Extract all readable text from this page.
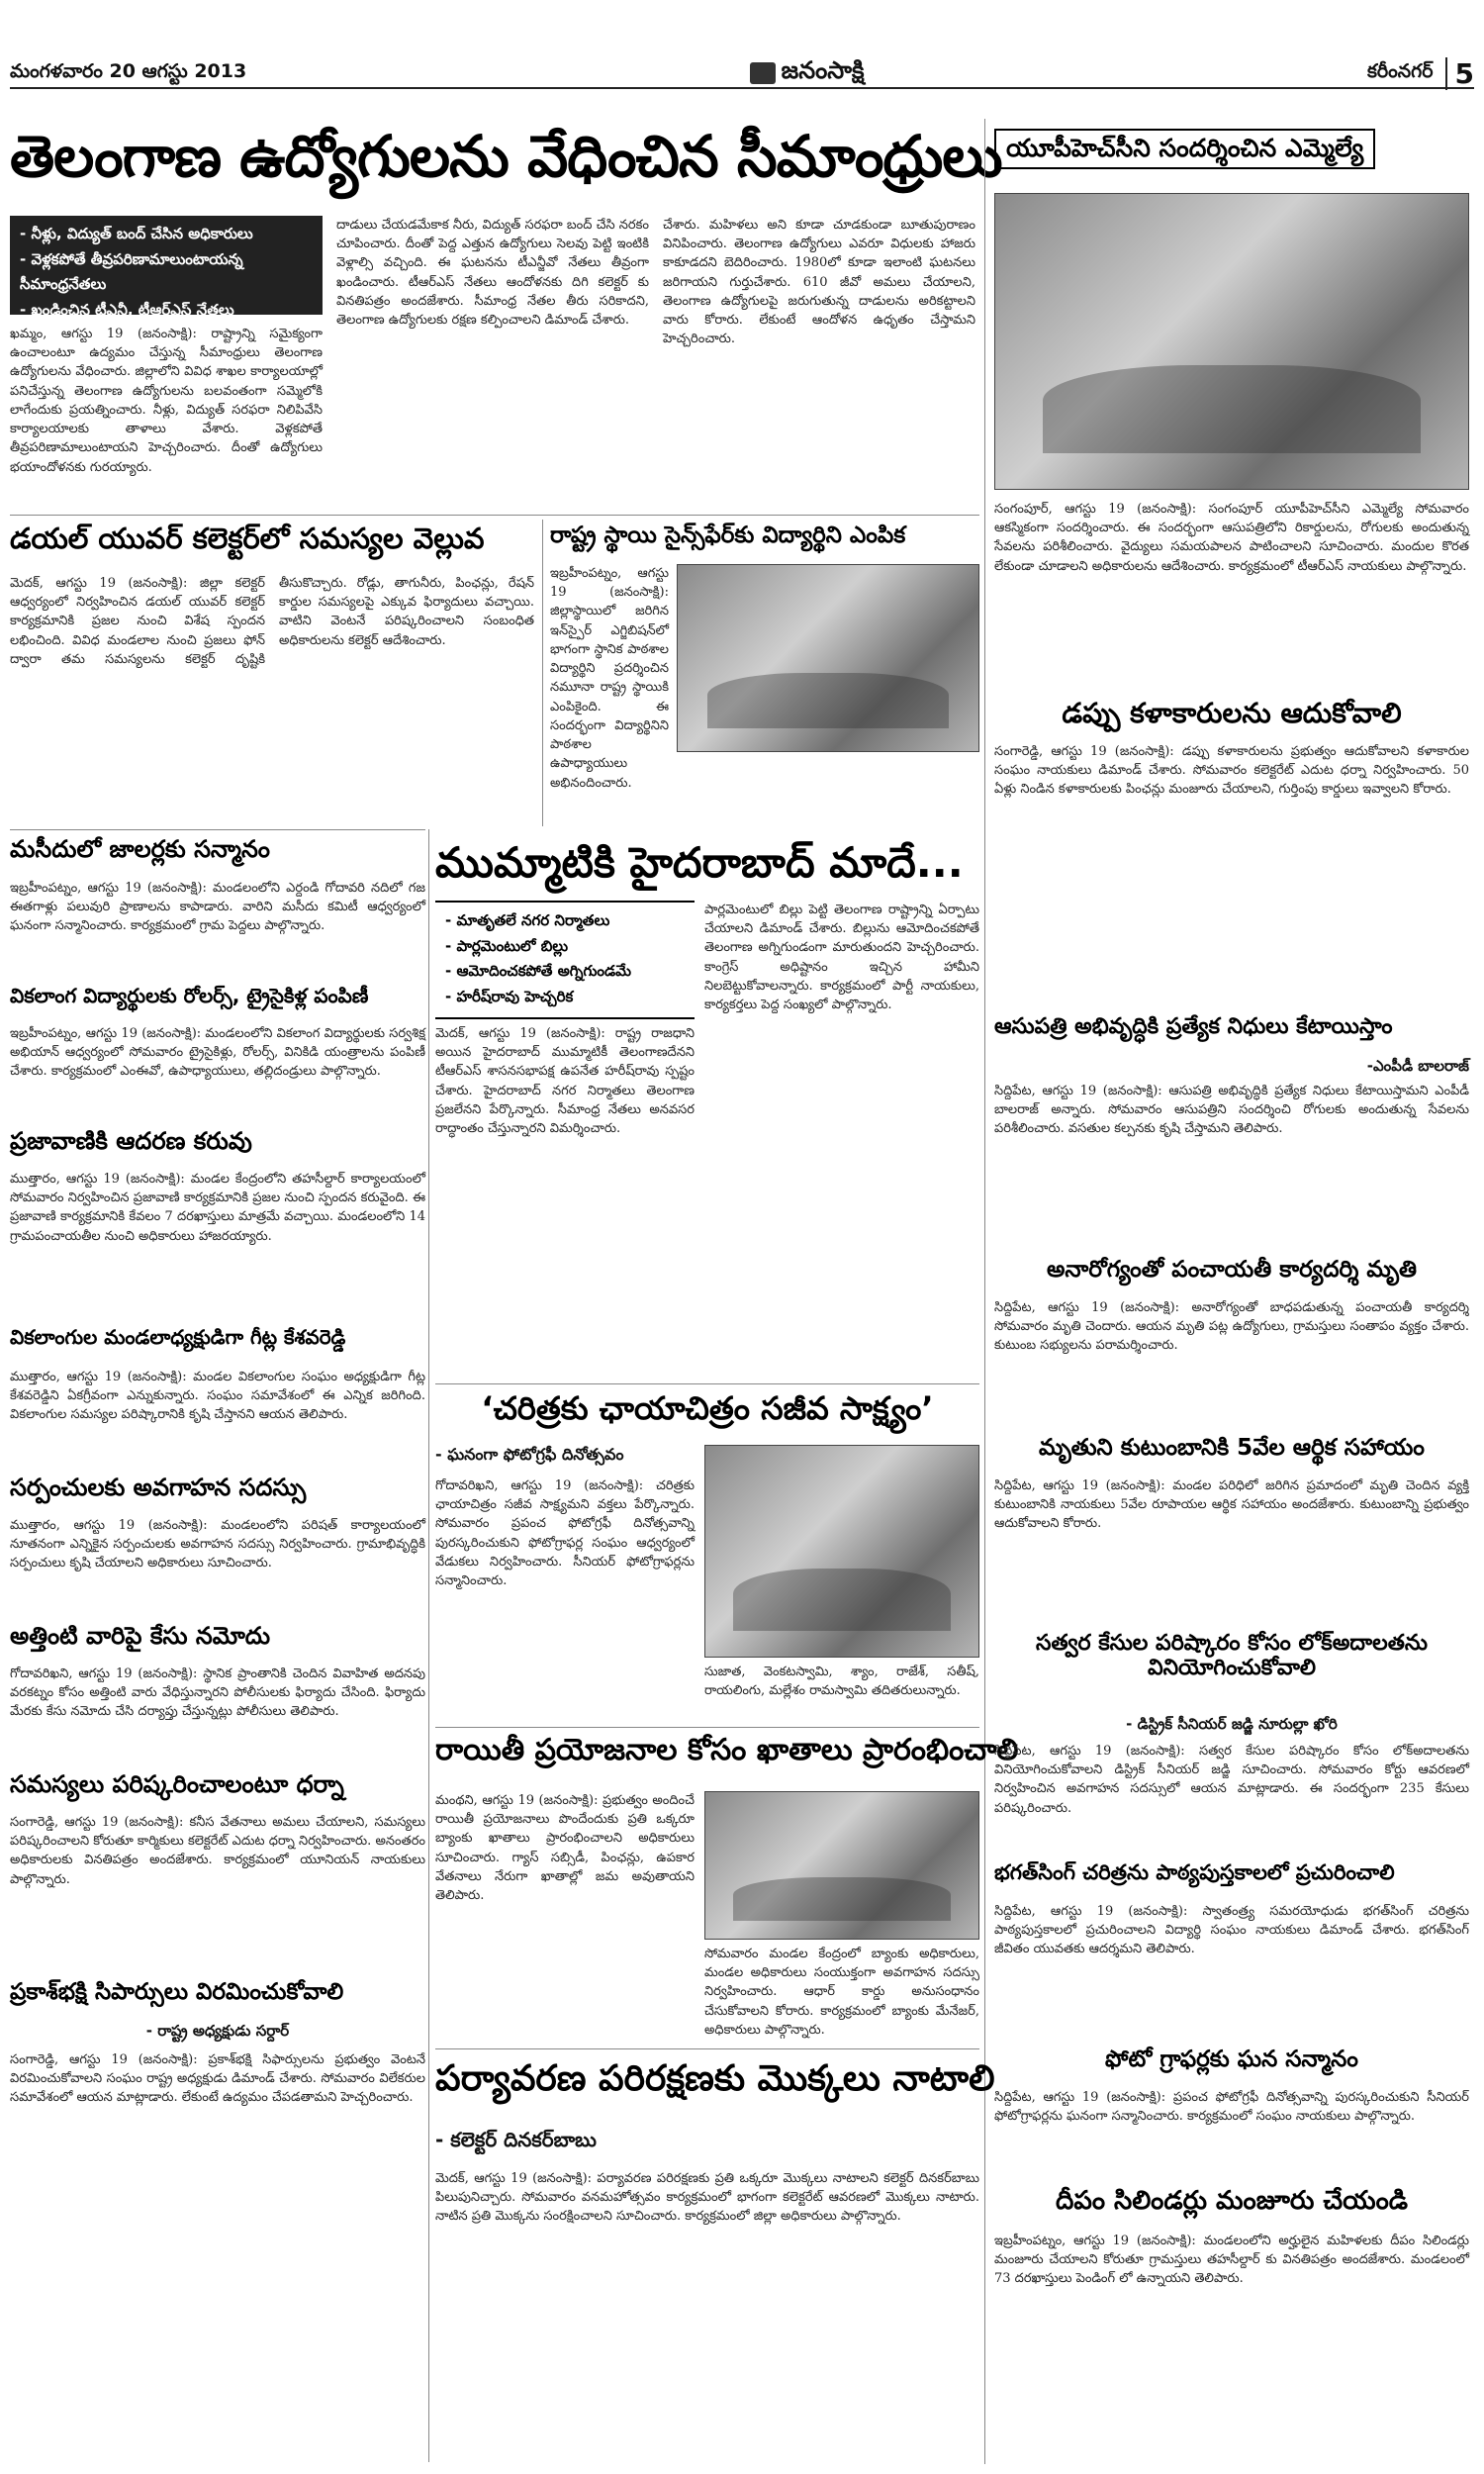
మంగళవారం 20 ఆగస్టు 2013	జనంసాక్షి	కరీంనగర్ 5
తెలంగాణ ఉద్యోగులను వేధించిన సీమాంధ్రులు
- నీళ్లు, విద్యుత్ బంద్ చేసిన అధికారులు
- వెళ్లకపోతే తీవ్రపరిణామాలుంటాయన్న సీమాంధ్రనేతలు
- ఖండించిన టీఎన్జీ, టీఆర్ఎస్ నేతలు
ఖమ్మం, ఆగస్టు 19 (జనంసాక్షి): రాష్ట్రాన్ని సమైక్యంగా ఉంచాలంటూ ఉద్యమం చేస్తున్న సీమాంధ్రులు తెలంగాణ ఉద్యోగులను వేధించారు. జిల్లాలోని వివిధ శాఖల కార్యాలయాల్లో పనిచేస్తున్న తెలంగాణ ఉద్యోగులను బలవంతంగా సమ్మెలోకి లాగేందుకు ప్రయత్నించారు. నీళ్లు, విద్యుత్ సరఫరా నిలిపివేసి కార్యాలయాలకు తాళాలు వేశారు. వెళ్లకపోతే తీవ్రపరిణామాలుంటాయని హెచ్చరించారు. దీంతో ఉద్యోగులు భయాందోళనకు గురయ్యారు.
దాడులు చేయడమేకాక నీరు, విద్యుత్ సరఫరా బంద్ చేసి నరకం చూపించారు. దీంతో పెద్ద ఎత్తున ఉద్యోగులు సెలవు పెట్టి ఇంటికి వెళ్లాల్సి వచ్చింది. ఈ ఘటనను టీఎన్జీవో నేతలు తీవ్రంగా ఖండించారు. టీఆర్ఎస్ నేతలు ఆందోళనకు దిగి కలెక్టర్ కు వినతిపత్రం అందజేశారు. సీమాంధ్ర నేతల తీరు సరికాదని, తెలంగాణ ఉద్యోగులకు రక్షణ కల్పించాలని డిమాండ్ చేశారు.
చేశారు. మహిళలు అని కూడా చూడకుండా బూతుపురాణం వినిపించారు. తెలంగాణ ఉద్యోగులు ఎవరూ విధులకు హాజరు కాకూడదని బెదిరించారు. 1980లో కూడా ఇలాంటి ఘటనలు జరిగాయని గుర్తుచేశారు. 610 జీవో అమలు చేయాలని, తెలంగాణ ఉద్యోగులపై జరుగుతున్న దాడులను అరికట్టాలని వారు కోరారు. లేకుంటే ఆందోళన ఉధృతం చేస్తామని హెచ్చరించారు.
యూపీహెచ్‌సీని సందర్శించిన ఎమ్మెల్యే
సంగంపూర్, ఆగస్టు 19 (జనంసాక్షి): సంగంపూర్ యూపీహెచ్‌సీని ఎమ్మెల్యే సోమవారం ఆకస్మికంగా సందర్శించారు. ఈ సందర్భంగా ఆసుపత్రిలోని రికార్డులను, రోగులకు అందుతున్న సేవలను పరిశీలించారు. వైద్యులు సమయపాలన పాటించాలని సూచించారు. మందుల కొరత లేకుండా చూడాలని అధికారులను ఆదేశించారు. కార్యక్రమంలో టీఆర్ఎస్ నాయకులు పాల్గొన్నారు.
డయల్ యువర్ కలెక్టర్‌లో సమస్యల వెల్లువ
మెదక్, ఆగస్టు 19 (జనంసాక్షి): జిల్లా కలెక్టర్ ఆధ్వర్యంలో నిర్వహించిన డయల్ యువర్ కలెక్టర్ కార్యక్రమానికి ప్రజల నుంచి విశేష స్పందన లభించింది. వివిధ మండలాల నుంచి ప్రజలు ఫోన్ ద్వారా తమ సమస్యలను కలెక్టర్ దృష్టికి తీసుకొచ్చారు. రోడ్లు, తాగునీరు, పింఛన్లు, రేషన్ కార్డుల సమస్యలపై ఎక్కువ ఫిర్యాదులు వచ్చాయి. వాటిని వెంటనే పరిష్కరించాలని సంబంధిత అధికారులను కలెక్టర్ ఆదేశించారు.
రాష్ట్ర స్థాయి సైన్స్‌ఫేర్‌కు విద్యార్థిని ఎంపిక
ఇబ్రహీంపట్నం, ఆగస్టు 19 (జనంసాక్షి): జిల్లాస్థాయిలో జరిగిన ఇన్‌స్పైర్ ఎగ్జిబిషన్‌లో భాగంగా స్థానిక పాఠశాల విద్యార్థిని ప్రదర్శించిన నమూనా రాష్ట్ర స్థాయికి ఎంపికైంది. ఈ సందర్భంగా విద్యార్థినిని పాఠశాల ఉపాధ్యాయులు అభినందించారు.
మసీదులో జాలర్లకు సన్మానం
ఇబ్రహీంపట్నం, ఆగస్టు 19 (జనంసాక్షి): మండలంలోని ఎర్దండి గోదావరి నదిలో గజ ఈతగాళ్లు పలువురి ప్రాణాలను కాపాడారు. వారిని మసీదు కమిటీ ఆధ్వర్యంలో ఘనంగా సన్మానించారు. కార్యక్రమంలో గ్రామ పెద్దలు పాల్గొన్నారు.
వికలాంగ విద్యార్థులకు రోలర్స్, ట్రైసైకిళ్ల పంపిణీ
ఇబ్రహీంపట్నం, ఆగస్టు 19 (జనంసాక్షి): మండలంలోని వికలాంగ విద్యార్థులకు సర్వశిక్ష అభియాన్ ఆధ్వర్యంలో సోమవారం ట్రైసైకిళ్లు, రోలర్స్, వినికిడి యంత్రాలను పంపిణీ చేశారు. కార్యక్రమంలో ఎంఈవో, ఉపాధ్యాయులు, తల్లిదండ్రులు పాల్గొన్నారు.
ప్రజావాణికి ఆదరణ కరువు
ముత్తారం, ఆగస్టు 19 (జనంసాక్షి): మండల కేంద్రంలోని తహసీల్దార్ కార్యాలయంలో సోమవారం నిర్వహించిన ప్రజావాణి కార్యక్రమానికి ప్రజల నుంచి స్పందన కరువైంది. ఈ ప్రజావాణి కార్యక్రమానికి కేవలం 7 దరఖాస్తులు మాత్రమే వచ్చాయి. మండలంలోని 14 గ్రామపంచాయతీల నుంచి అధికారులు హాజరయ్యారు.
వికలాంగుల మండలాధ్యక్షుడిగా గీట్ల కేశవరెడ్డి
ముత్తారం, ఆగస్టు 19 (జనంసాక్షి): మండల వికలాంగుల సంఘం అధ్యక్షుడిగా గీట్ల కేశవరెడ్డిని ఏకగ్రీవంగా ఎన్నుకున్నారు. సంఘం సమావేశంలో ఈ ఎన్నిక జరిగింది. వికలాంగుల సమస్యల పరిష్కారానికి కృషి చేస్తానని ఆయన తెలిపారు.
సర్పంచులకు అవగాహన సదస్సు
ముత్తారం, ఆగస్టు 19 (జనంసాక్షి): మండలంలోని పరిషత్ కార్యాలయంలో నూతనంగా ఎన్నికైన సర్పంచులకు అవగాహన సదస్సు నిర్వహించారు. గ్రామాభివృద్ధికి సర్పంచులు కృషి చేయాలని అధికారులు సూచించారు.
అత్తింటి వారిపై కేసు నమోదు
గోదావరిఖని, ఆగస్టు 19 (జనంసాక్షి): స్థానిక ప్రాంతానికి చెందిన వివాహిత అదనపు వరకట్నం కోసం అత్తింటి వారు వేధిస్తున్నారని పోలీసులకు ఫిర్యాదు చేసింది. ఫిర్యాదు మేరకు కేసు నమోదు చేసి దర్యాప్తు చేస్తున్నట్లు పోలీసులు తెలిపారు.
సమస్యలు పరిష్కరించాలంటూ ధర్నా
సంగారెడ్డి, ఆగస్టు 19 (జనంసాక్షి): కనీస వేతనాలు అమలు చేయాలని, సమస్యలు పరిష్కరించాలని కోరుతూ కార్మికులు కలెక్టరేట్ ఎదుట ధర్నా నిర్వహించారు. అనంతరం అధికారులకు వినతిపత్రం అందజేశారు. కార్యక్రమంలో యూనియన్ నాయకులు పాల్గొన్నారు.
ప్రకాశ్‌భక్షి సిపార్సులు విరమించుకోవాలి
- రాష్ట్ర అధ్యక్షుడు సర్దార్
సంగారెడ్డి, ఆగస్టు 19 (జనంసాక్షి): ప్రకాశ్‌భక్షి సిఫార్సులను ప్రభుత్వం వెంటనే విరమించుకోవాలని సంఘం రాష్ట్ర అధ్యక్షుడు డిమాండ్ చేశారు. సోమవారం విలేకరుల సమావేశంలో ఆయన మాట్లాడారు. లేకుంటే ఉద్యమం చేపడతామని హెచ్చరించారు.
ముమ్మాటికి హైదరాబాద్ మాదే...
- మాతృతలే నగర నిర్మాతలు
- పార్లమెంటులో బిల్లు
- ఆమోదించకపోతే అగ్నిగుండమే
- హరీష్‌రావు హెచ్చరిక
మెదక్, ఆగస్టు 19 (జనంసాక్షి): రాష్ట్ర రాజధాని అయిన హైదరాబాద్ ముమ్మాటికీ తెలంగాణదేనని టీఆర్ఎస్ శాసనసభాపక్ష ఉపనేత హరీష్‌రావు స్పష్టం చేశారు. హైదరాబాద్ నగర నిర్మాతలు తెలంగాణ ప్రజలేనని పేర్కొన్నారు. సీమాంధ్ర నేతలు అనవసర రాద్ధాంతం చేస్తున్నారని విమర్శించారు.
పార్లమెంటులో బిల్లు పెట్టి తెలంగాణ రాష్ట్రాన్ని ఏర్పాటు చేయాలని డిమాండ్ చేశారు. బిల్లును ఆమోదించకపోతే తెలంగాణ అగ్నిగుండంగా మారుతుందని హెచ్చరించారు. కాంగ్రెస్ అధిష్టానం ఇచ్చిన హామీని నిలబెట్టుకోవాలన్నారు. కార్యక్రమంలో పార్టీ నాయకులు, కార్యకర్తలు పెద్ద సంఖ్యలో పాల్గొన్నారు.
‘చరిత్రకు ఛాయాచిత్రం సజీవ సాక్ష్యం’
- ఘనంగా ఫోటోగ్రఫీ దినోత్సవం
గోదావరిఖని, ఆగస్టు 19 (జనంసాక్షి): చరిత్రకు ఛాయాచిత్రం సజీవ సాక్ష్యమని వక్తలు పేర్కొన్నారు. సోమవారం ప్రపంచ ఫోటోగ్రఫీ దినోత్సవాన్ని పురస్కరించుకుని ఫోటోగ్రాఫర్ల సంఘం ఆధ్వర్యంలో వేడుకలు నిర్వహించారు. సీనియర్ ఫోటోగ్రాఫర్లను సన్మానించారు.
సుజాత, వెంకటస్వామి, శ్యాం, రాజేశ్, సతీష్, రాయలింగు, మల్లేశం రామస్వామి తదితరులున్నారు.
రాయితీ ప్రయోజనాల కోసం ఖాతాలు ప్రారంభించాలి
మంథని, ఆగస్టు 19 (జనంసాక్షి): ప్రభుత్వం అందించే రాయితీ ప్రయోజనాలు పొందేందుకు ప్రతి ఒక్కరూ బ్యాంకు ఖాతాలు ప్రారంభించాలని అధికారులు సూచించారు. గ్యాస్ సబ్సిడీ, పింఛన్లు, ఉపకార వేతనాలు నేరుగా ఖాతాల్లో జమ అవుతాయని తెలిపారు.
సోమవారం మండల కేంద్రంలో బ్యాంకు అధికారులు, మండల అధికారులు సంయుక్తంగా అవగాహన సదస్సు నిర్వహించారు. ఆధార్ కార్డు అనుసంధానం చేసుకోవాలని కోరారు. కార్యక్రమంలో బ్యాంకు మేనేజర్, అధికారులు పాల్గొన్నారు.
పర్యావరణ పరిరక్షణకు మొక్కలు నాటాలి
- కలెక్టర్ దినకర్‌బాబు
మెదక్, ఆగస్టు 19 (జనంసాక్షి): పర్యావరణ పరిరక్షణకు ప్రతి ఒక్కరూ మొక్కలు నాటాలని కలెక్టర్ దినకర్‌బాబు పిలుపునిచ్చారు. సోమవారం వనమహోత్సవం కార్యక్రమంలో భాగంగా కలెక్టరేట్ ఆవరణలో మొక్కలు నాటారు. నాటిన ప్రతి మొక్కను సంరక్షించాలని సూచించారు. కార్యక్రమంలో జిల్లా అధికారులు పాల్గొన్నారు.
డప్పు కళాకారులను ఆదుకోవాలి
సంగారెడ్డి, ఆగస్టు 19 (జనంసాక్షి): డప్పు కళాకారులను ప్రభుత్వం ఆదుకోవాలని కళాకారుల సంఘం నాయకులు డిమాండ్ చేశారు. సోమవారం కలెక్టరేట్ ఎదుట ధర్నా నిర్వహించారు. 50 ఏళ్లు నిండిన కళాకారులకు పింఛన్లు మంజూరు చేయాలని, గుర్తింపు కార్డులు ఇవ్వాలని కోరారు.
ఆసుపత్రి అభివృద్ధికి ప్రత్యేక నిధులు కేటాయిస్తాం
-ఎంపీడీ బాలరాజ్
సిద్దిపేట, ఆగస్టు 19 (జనంసాక్షి): ఆసుపత్రి అభివృద్ధికి ప్రత్యేక నిధులు కేటాయిస్తామని ఎంపీడీ బాలరాజ్ అన్నారు. సోమవారం ఆసుపత్రిని సందర్శించి రోగులకు అందుతున్న సేవలను పరిశీలించారు. వసతుల కల్పనకు కృషి చేస్తామని తెలిపారు.
అనారోగ్యంతో పంచాయతీ కార్యదర్శి మృతి
సిద్దిపేట, ఆగస్టు 19 (జనంసాక్షి): అనారోగ్యంతో బాధపడుతున్న పంచాయతీ కార్యదర్శి సోమవారం మృతి చెందారు. ఆయన మృతి పట్ల ఉద్యోగులు, గ్రామస్తులు సంతాపం వ్యక్తం చేశారు. కుటుంబ సభ్యులను పరామర్శించారు.
మృతుని కుటుంబానికి 5వేల ఆర్థిక సహాయం
సిద్దిపేట, ఆగస్టు 19 (జనంసాక్షి): మండల పరిధిలో జరిగిన ప్రమాదంలో మృతి చెందిన వ్యక్తి కుటుంబానికి నాయకులు 5వేల రూపాయల ఆర్థిక సహాయం అందజేశారు. కుటుంబాన్ని ప్రభుత్వం ఆదుకోవాలని కోరారు.
సత్వర కేసుల పరిష్కారం కోసం లోక్‌అదాలతను
వినియోగించుకోవాలి
- డిస్ట్రిక్ సీనియర్ జడ్జి నూరుల్లా ఖోరి
సిద్దిపేట, ఆగస్టు 19 (జనంసాక్షి): సత్వర కేసుల పరిష్కారం కోసం లోక్‌అదాలతను వినియోగించుకోవాలని డిస్ట్రిక్ సీనియర్ జడ్జి సూచించారు. సోమవారం కోర్టు ఆవరణలో నిర్వహించిన అవగాహన సదస్సులో ఆయన మాట్లాడారు. ఈ సందర్భంగా 235 కేసులు పరిష్కరించారు.
భగత్‌సింగ్ చరిత్రను పాఠ్యపుస్తకాలలో ప్రచురించాలి
సిద్దిపేట, ఆగస్టు 19 (జనంసాక్షి): స్వాతంత్ర్య సమరయోధుడు భగత్‌సింగ్ చరిత్రను పాఠ్యపుస్తకాలలో ప్రచురించాలని విద్యార్థి సంఘం నాయకులు డిమాండ్ చేశారు. భగత్‌సింగ్ జీవితం యువతకు ఆదర్శమని తెలిపారు.
ఫోటో గ్రాఫర్లకు ఘన సన్మానం
సిద్దిపేట, ఆగస్టు 19 (జనంసాక్షి): ప్రపంచ ఫోటోగ్రఫీ దినోత్సవాన్ని పురస్కరించుకుని సీనియర్ ఫోటోగ్రాఫర్లను ఘనంగా సన్మానించారు. కార్యక్రమంలో సంఘం నాయకులు పాల్గొన్నారు.
దీపం సిలిండర్లు మంజూరు చేయండి
ఇబ్రహీంపట్నం, ఆగస్టు 19 (జనంసాక్షి): మండలంలోని అర్హులైన మహిళలకు దీపం సిలిండర్లు మంజూరు చేయాలని కోరుతూ గ్రామస్తులు తహసీల్దార్ కు వినతిపత్రం అందజేశారు. మండలంలో 73 దరఖాస్తులు పెండింగ్ లో ఉన్నాయని తెలిపారు.
